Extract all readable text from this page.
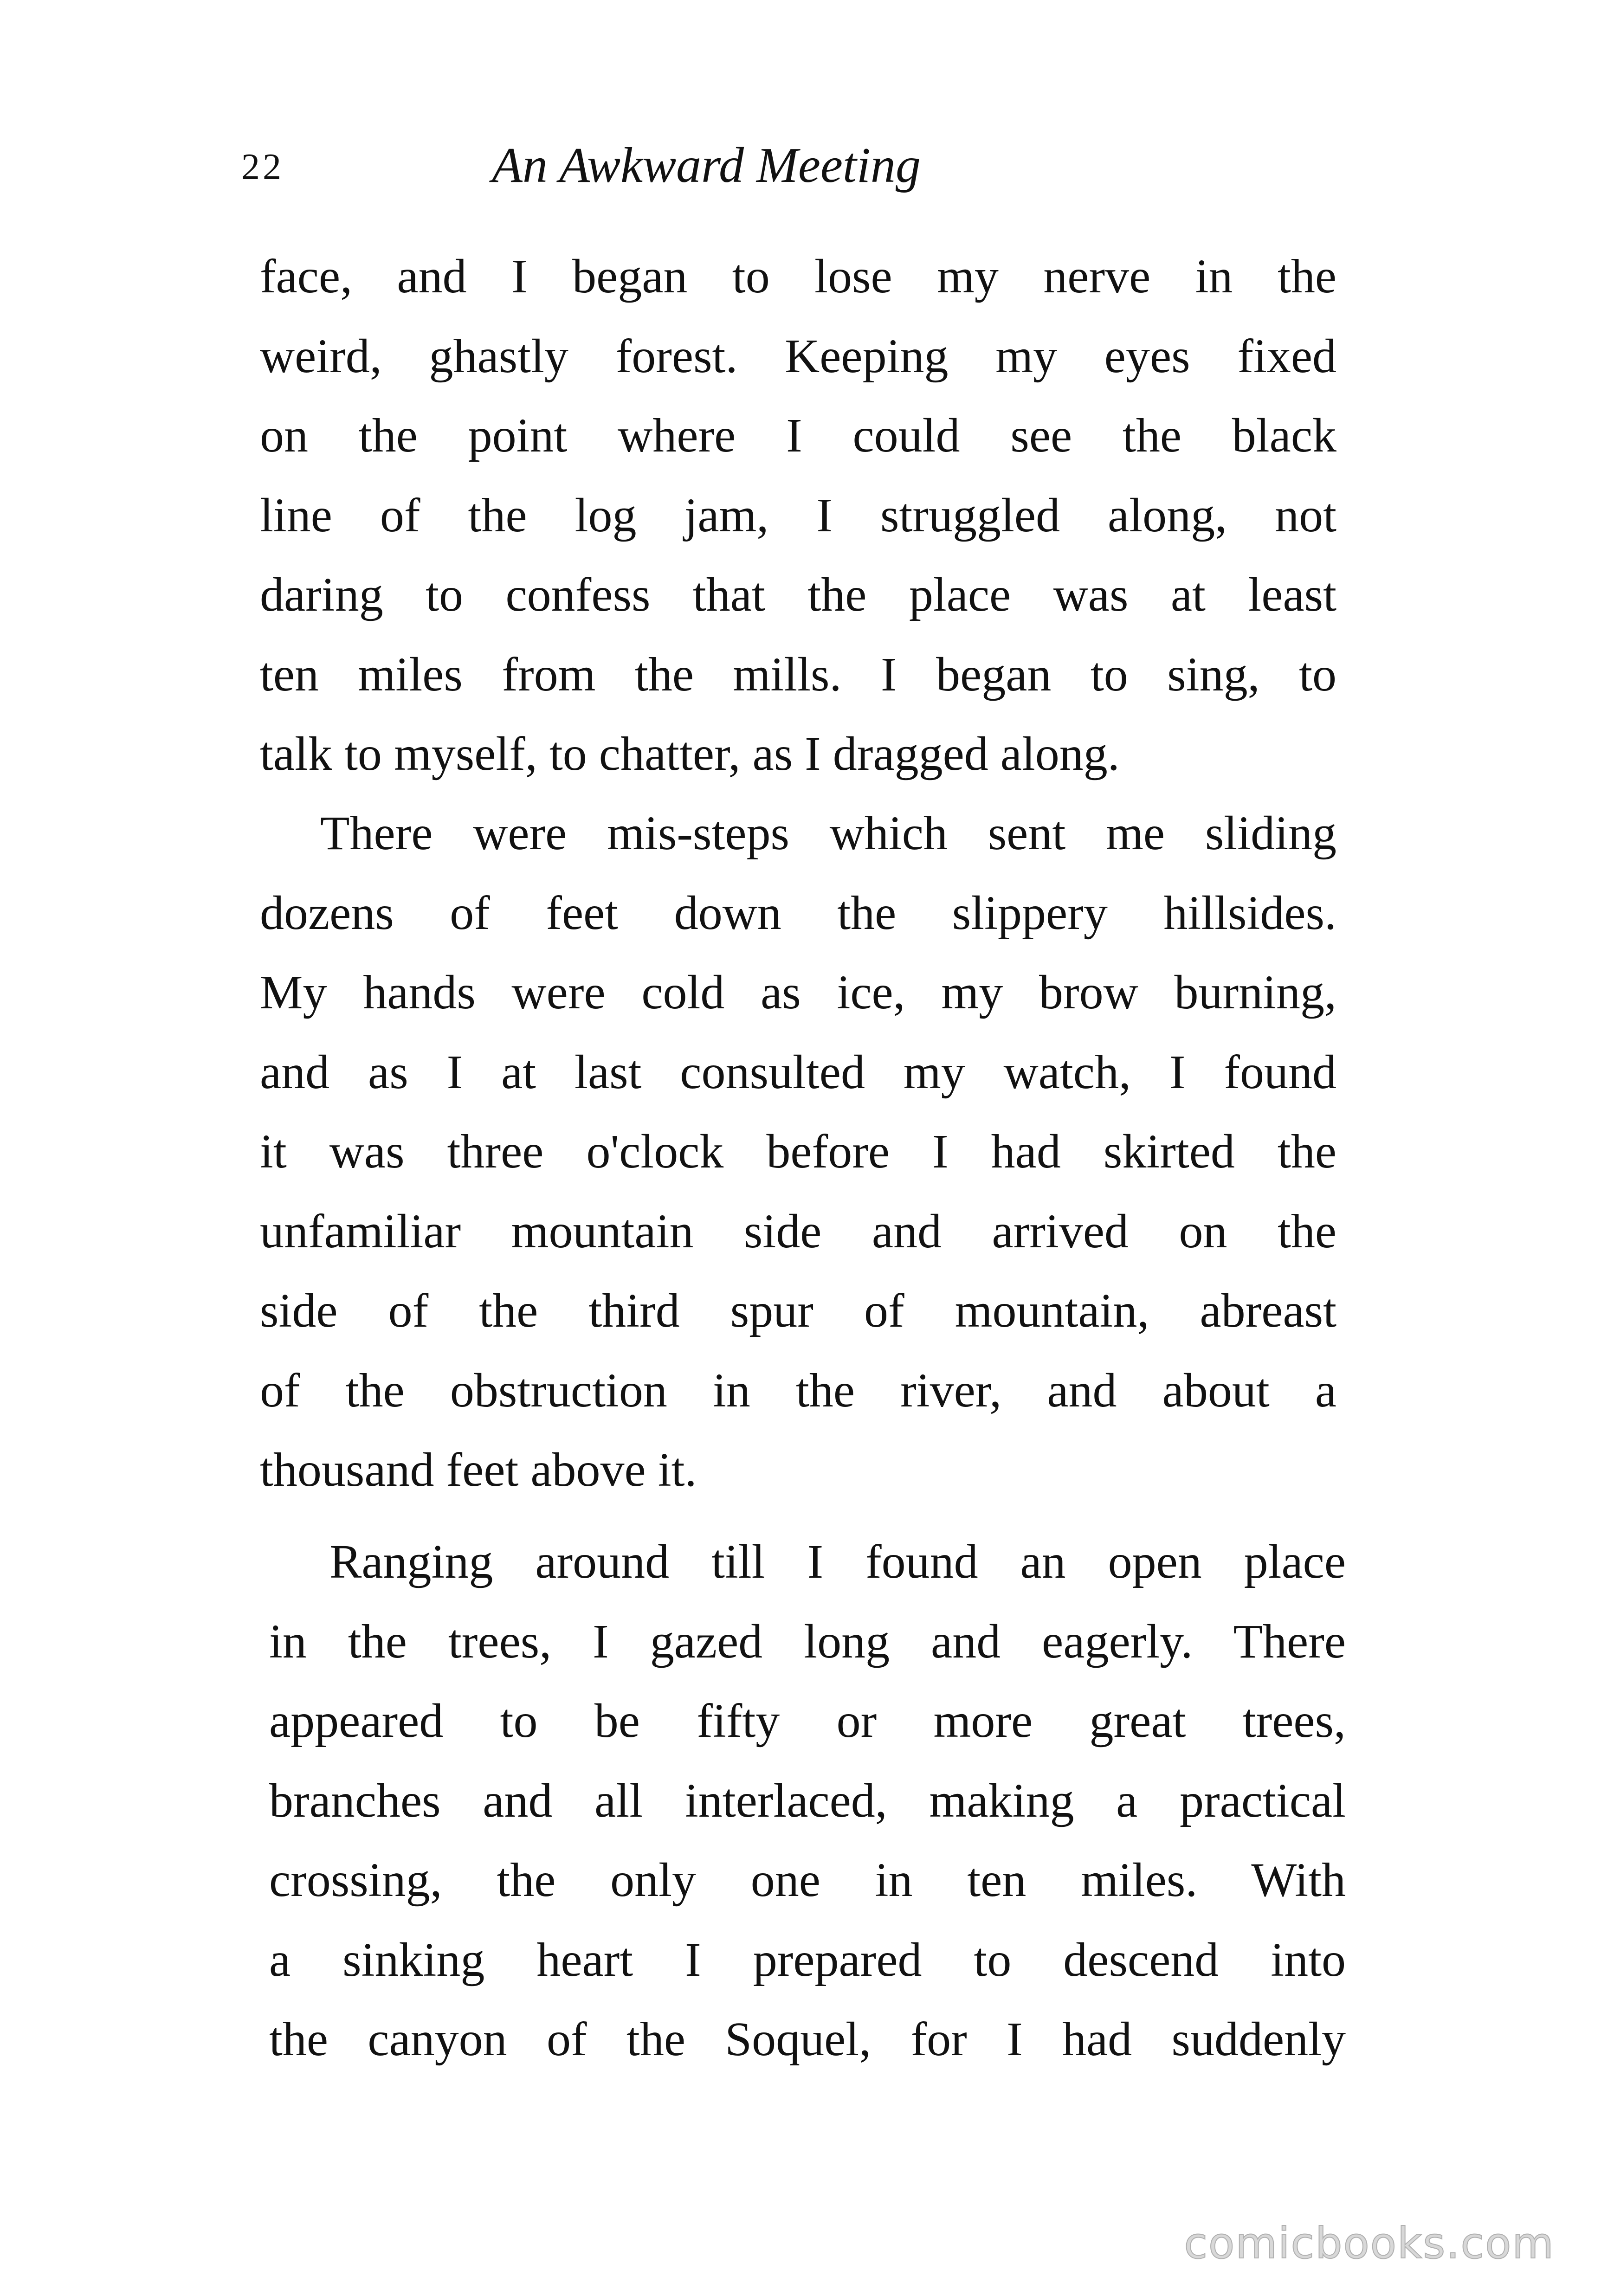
22	An Awkward Meeting
face, and I began to lose my nerve in the
weird, ghastly forest. Keeping my eyes fixed
on the point where I could see the black
line of the log jam, I struggled along, not
daring to confess that the place was at least
ten miles from the mills. I began to sing, to
talk to myself, to chatter, as I dragged along.
There were mis-steps which sent me sliding
dozens of feet down the slippery hillsides.
My hands were cold as ice, my brow burning,
and as I at last consulted my watch, I found
it was three o'clock before I had skirted the
unfamiliar mountain side and arrived on the
side of the third spur of mountain, abreast
of the obstruction in the river, and about a
thousand feet above it.
Ranging around till I found an open place
in the trees, I gazed long and eagerly. There
appeared to be fifty or more great trees,
branches and all interlaced, making a practical
crossing, the only one in ten miles. With
a sinking heart I prepared to descend into
the canyon of the Soquel, for I had suddenly
comicbooks.com
